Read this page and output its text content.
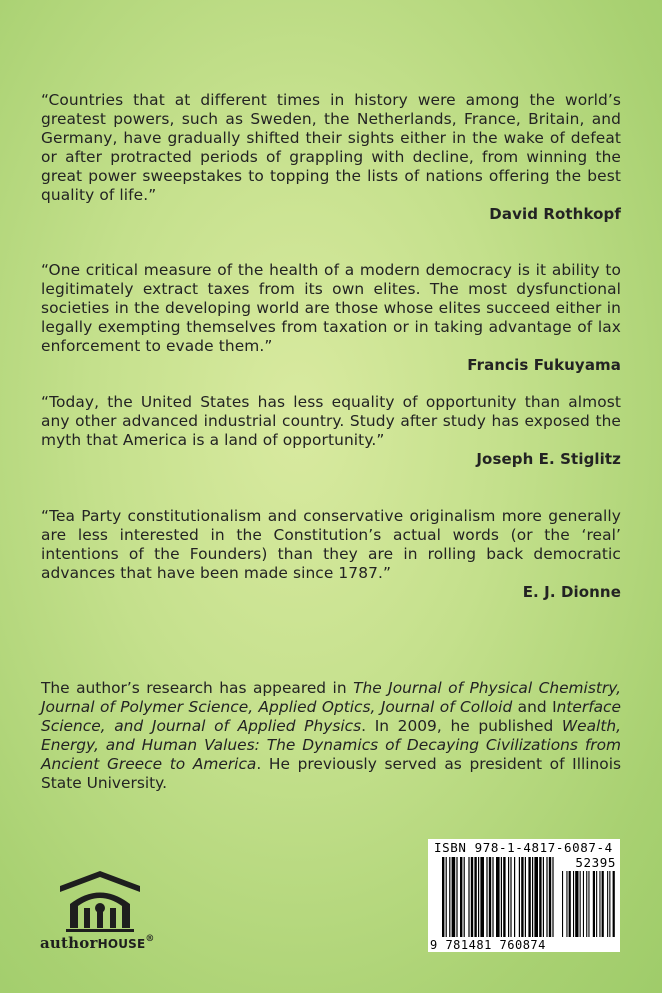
“Countries that at different times in history were among the world’s greatest powers, such as Sweden, the Netherlands, France, Britain, and Germany, have gradually shifted their sights either in the wake of defeat or after protracted periods of grappling with decline, from winning the great power sweepstakes to topping the lists of nations offering the best quality of life.”

David Rothkopf

“One critical measure of the health of a modern democracy is it ability to legitimately extract taxes from its own elites. The most dysfunctional societies in the developing world are those whose elites succeed either in legally exempting themselves from taxation or in taking advantage of lax enforcement to evade them.”

Francis Fukuyama

“Today, the United States has less equality of opportunity than almost any other advanced industrial country. Study after study has exposed the myth that America is a land of opportunity.”

Joseph E. Stiglitz

“Tea Party constitutionalism and conservative originalism more generally are less interested in the Constitution’s actual words (or the ‘real’ intentions of the Founders) than they are in rolling back democratic advances that have been made since 1787.”

E. J. Dionne
The author’s research has appeared in The Journal of Physical Chemistry, Journal of Polymer Science, Applied Optics, Journal of Colloid and Interface Science, and Journal of Applied Physics. In 2009, he published Wealth, Energy, and Human Values: The Dynamics of Decaying Civilizations from Ancient Greece to America. He previously served as president of Illinois State University.
authorHOUSE®
ISBN 978-1-4817-6087-4
52395
9 781481 760874
